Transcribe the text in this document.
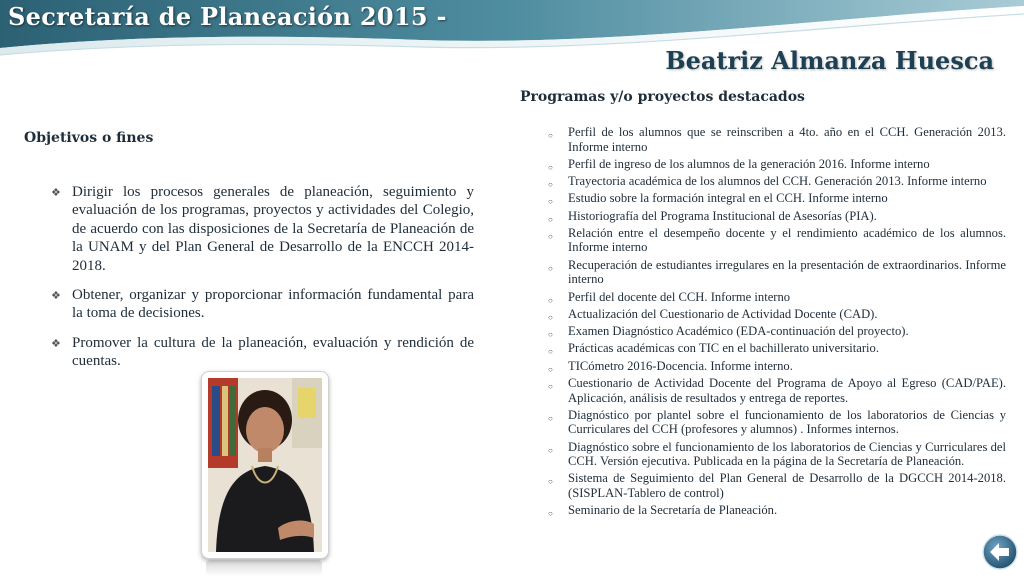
Secretaría de Planeación 2015 -
Beatriz Almanza Huesca
Programas y/o proyectos destacados
Objetivos o fines
❖ Dirigir los procesos generales de planeación, seguimiento y evaluación de los programas, proyectos y actividades del Colegio, de acuerdo con las disposiciones de la Secretaría de Planeación de la UNAM y del Plan General de Desarrollo de la ENCCH 2014-2018.
❖ Obtener, organizar y proporcionar información fundamental para la toma de decisiones.
❖ Promover la cultura de la planeación, evaluación y rendición de cuentas.
○ Perfil de los alumnos que se reinscriben a 4to. año en el CCH. Generación 2013. Informe interno
○ Perfil de ingreso de los alumnos de la generación 2016. Informe interno
○ Trayectoria académica de los alumnos del CCH. Generación 2013. Informe interno
○ Estudio sobre la formación integral en el CCH. Informe interno
○ Historiografía del Programa Institucional de Asesorías (PIA).
○ Relación entre el desempeño docente y el rendimiento académico de los alumnos. Informe interno
○ Recuperación de estudiantes irregulares en la presentación de extraordinarios. Informe interno
○ Perfil del docente del CCH. Informe interno
○ Actualización del Cuestionario de Actividad Docente (CAD).
○ Examen Diagnóstico Académico (EDA-continuación del proyecto).
○ Prácticas académicas con TIC en el bachillerato universitario.
○ TICómetro 2016-Docencia. Informe interno.
○ Cuestionario de Actividad Docente del Programa de Apoyo al Egreso (CAD/PAE). Aplicación, análisis de resultados y entrega de reportes.
○ Diagnóstico por plantel sobre el funcionamiento de los laboratorios de Ciencias y Curriculares del CCH (profesores y alumnos) . Informes internos.
○ Diagnóstico sobre el funcionamiento de los laboratorios de Ciencias y Curriculares del CCH. Versión ejecutiva. Publicada en la página de la Secretaría de Planeación.
○ Sistema de Seguimiento del Plan General de Desarrollo de la DGCCH 2014-2018. (SISPLAN-Tablero de control)
○ Seminario de la Secretaría de Planeación.
